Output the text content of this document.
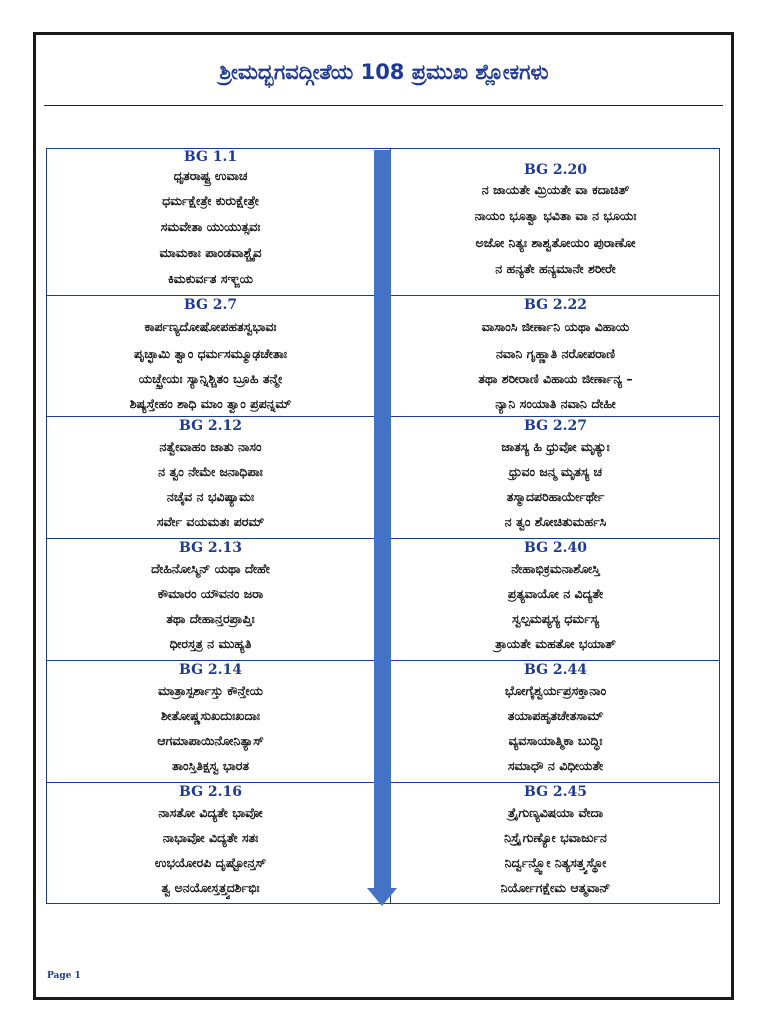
ಶ್ರೀಮದ್ಭಗವದ್ಗೀತೆಯ 108 ಪ್ರಮುಖ ಶ್ಲೋಕಗಳು
BG 1.1
ಧೃತರಾಷ್ಟ್ರ ಉವಾಚ
ಧರ್ಮಕ್ಷೇತ್ರೇ ಕುರುಕ್ಷೇತ್ರೇ
ಸಮವೇತಾ ಯುಯುತ್ಸವಃ
ಮಾಮಕಾಃ ಪಾಂಡವಾಶ್ಚೈವ
ಕಿಮಕುರ್ವತ ಸಞ್ಜಯ
BG 2.7
ಕಾರ್ಪಣ್ಯದೋಷೋಪಹತಸ್ವಭಾವಃ
ಪೃಚ್ಛಾಮಿ ತ್ವಾಂ ಧರ್ಮಸಮ್ಮೂಢಚೇತಾಃ
ಯಚ್ಛ್ರೇಯಃ ಸ್ಯಾನ್ನಿಶ್ಚಿತಂ ಬ್ರೂಹಿ ತನ್ಮೇ
ಶಿಷ್ಯಸ್ತೇಹಂ ಶಾಧಿ ಮಾಂ ತ್ವಾಂ ಪ್ರಪನ್ನಮ್
BG 2.12
ನತ್ವೇವಾಹಂ ಜಾತು ನಾಸಂ
ನ ತ್ವಂ ನೇಮೇ ಜನಾಧಿಪಾಃ
ನಚೈವ ನ ಭವಿಷ್ಯಾಮಃ
ಸರ್ವೇ ವಯಮತಃ ಪರಮ್
BG 2.13
ದೇಹಿನೋಸ್ಮಿನ್ ಯಥಾ ದೇಹೇ
ಕೌಮಾರಂ ಯೌವನಂ ಜರಾ
ತಥಾ ದೇಹಾನ್ತರಪ್ರಾಪ್ತಿಃ
ಧೀರಸ್ತತ್ರ ನ ಮುಹ್ಯತಿ
BG 2.14
ಮಾತ್ರಾಸ್ಪರ್ಶಾಸ್ತು ಕೌನ್ತೇಯ
ಶೀತೋಷ್ಣಸುಖದುಃಖದಾಃ
ಆಗಮಾಪಾಯಿನೋನಿತ್ಯಾಸ್
ತಾಂಸ್ತಿತಿಕ್ಷಸ್ವ ಭಾರತ
BG 2.16
ನಾಸತೋ ವಿದ್ಯತೇ ಭಾವೋ
ನಾಭಾವೋ ವಿದ್ಯತೇ ಸತಃ
ಉಭಯೋರಪಿ ದೃಷ್ಟೋನ್ತಸ್
ತ್ವ ಅನಯೋಸ್ತತ್ತ್ವದರ್ಶಿಭಿಃ
BG 2.20
ನ ಜಾಯತೇ ಮ್ರಿಯತೇ ವಾ ಕದಾಚಿತ್
ನಾಯಂ ಭೂತ್ವಾ ಭವಿತಾ ವಾ ನ ಭೂಯಃ
ಅಜೋ ನಿತ್ಯಃ ಶಾಶ್ವತೋಯಂ ಪುರಾಣೋ
ನ ಹನ್ಯತೇ ಹನ್ಯಮಾನೇ ಶರೀರೇ
BG 2.22
ವಾಸಾಂಸಿ ಜೀರ್ಣಾನಿ ಯಥಾ ವಿಹಾಯ
ನವಾನಿ ಗೃಹ್ಣಾತಿ ನರೋಪರಾಣಿ
ತಥಾ ಶರೀರಾಣಿ ವಿಹಾಯ ಜೀರ್ಣಾನ್ಯ –
ನ್ಯಾನಿ ಸಂಯಾತಿ ನವಾನಿ ದೇಹೀ
BG 2.27
ಜಾತಸ್ಯ ಹಿ ಧ್ರುವೋ ಮೃತ್ಯುಃ
ಧ್ರುವಂ ಜನ್ಮ ಮೃತಸ್ಯ ಚ
ತಸ್ಮಾದಪರಿಹಾರ್ಯೇರ್ಥೇ
ನ ತ್ವಂ ಶೋಚಿತುಮರ್ಹಸಿ
BG 2.40
ನೇಹಾಭಿಕ್ರಮನಾಶೋಸ್ತಿ
ಪ್ರತ್ಯವಾಯೋ ನ ವಿದ್ಯತೇ
ಸ್ವಲ್ಪಮಪ್ಯಸ್ಯ ಧರ್ಮಸ್ಯ
ತ್ರಾಯತೇ ಮಹತೋ ಭಯಾತ್
BG 2.44
ಭೋಗೈಶ್ವರ್ಯಪ್ರಸಕ್ತಾನಾಂ
ತಯಾಪಹೃತಚೇತಸಾಮ್
ವ್ಯವಸಾಯಾತ್ಮಿಕಾ ಬುದ್ಧಿಃ
ಸಮಾಧೌ ನ ವಿಧೀಯತೇ
BG 2.45
ತ್ರೈಗುಣ್ಯವಿಷಯಾ ವೇದಾ
ನಿಸ್ತ್ರೈಗುಣ್ಯೋ ಭವಾರ್ಜುನ
ನಿರ್ದ್ವನ್ದ್ವೋ ನಿತ್ಯಸತ್ತ್ವಸ್ಥೋ
ನಿರ್ಯೋಗಕ್ಷೇಮ ಆತ್ಮವಾನ್
Page 1
